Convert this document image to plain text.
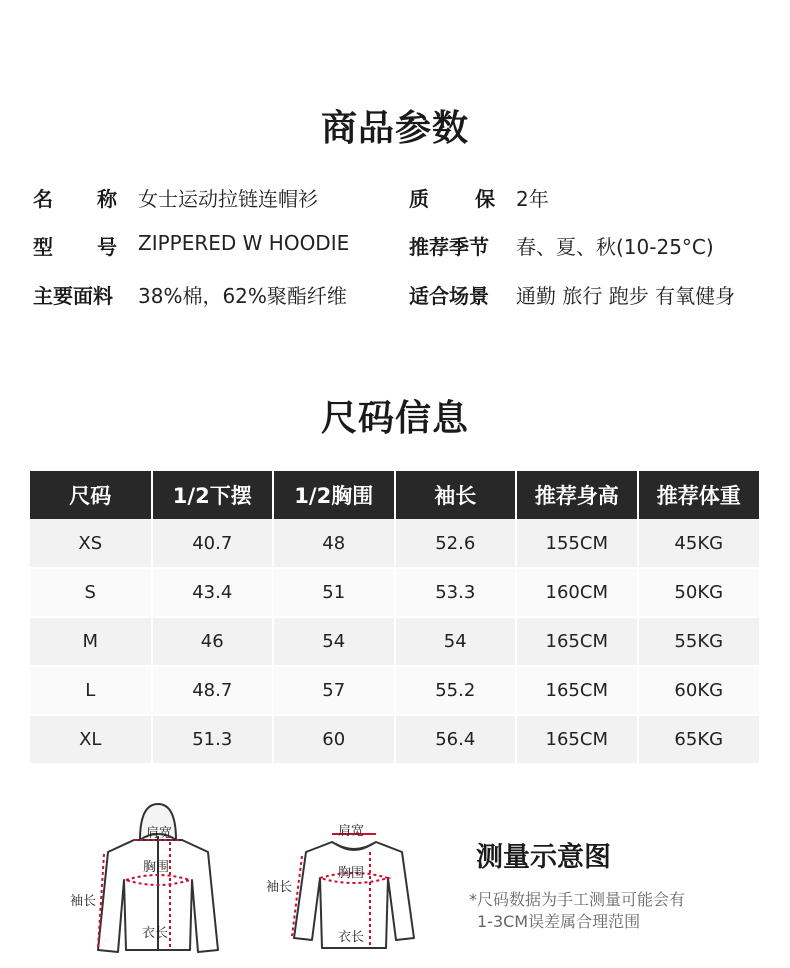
商品参数
名 称 女士运动拉链连帽衫
型 号 ZIPPERED W HOODIE
主要面料 38%棉，62%聚酯纤维
质 保 2年
推荐季节 春、夏、秋(10-25°C)
适合场景 通勤 旅行 跑步 有氧健身
尺码信息
尺码	1/2下摆	1/2胸围	袖长	推荐身高	推荐体重
XS	40.7	48	52.6	155CM	45KG
S	43.4	51	53.3	160CM	50KG
M	46	54	54	165CM	55KG
L	48.7	57	55.2	165CM	60KG
XL	51.3	60	56.4	165CM	65KG
肩宽
胸围
袖长
衣长
肩宽
胸围
袖长
衣长
测量示意图
*尺码数据为手工测量可能会有
1-3CM误差属合理范围
